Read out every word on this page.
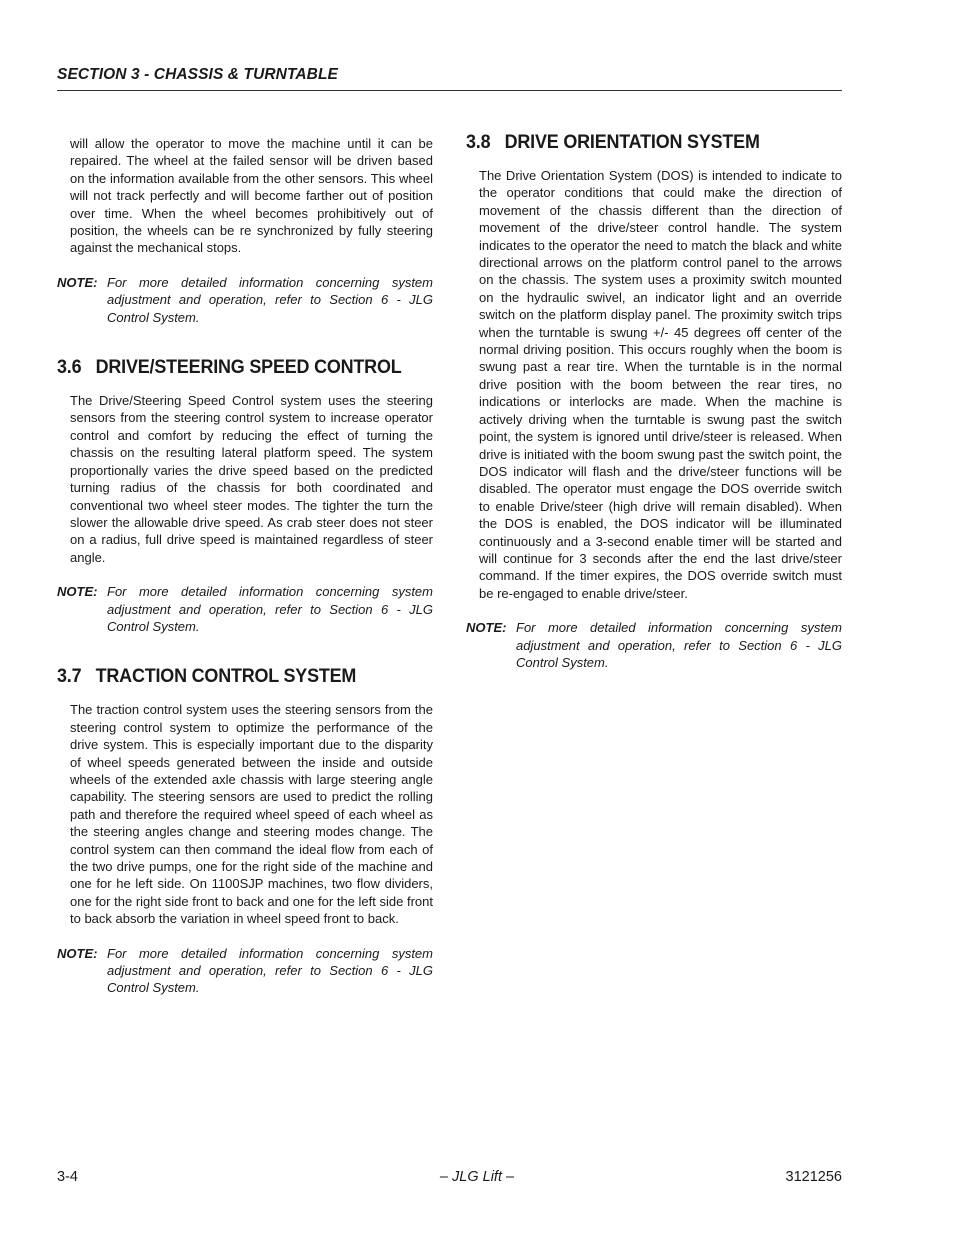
SECTION 3 - CHASSIS & TURNTABLE

will allow the operator to move the machine until it can be repaired. The wheel at the failed sensor will be driven based on the information available from the other sensors. This wheel will not track perfectly and will become farther out of position over time. When the wheel becomes prohibitively out of position, the wheels can be re synchronized by fully steering against the mechanical stops.

NOTE: For more detailed information concerning system adjustment and operation, refer to Section 6 - JLG Control System.
3.6 DRIVE/STEERING SPEED CONTROL

The Drive/Steering Speed Control system uses the steering sensors from the steering control system to increase operator control and comfort by reducing the effect of turning the chassis on the resulting lateral platform speed. The system proportionally varies the drive speed based on the predicted turning radius of the chassis for both coordinated and conventional two wheel steer modes. The tighter the turn the slower the allowable drive speed. As crab steer does not steer on a radius, full drive speed is maintained regardless of steer angle.

NOTE: For more detailed information concerning system adjustment and operation, refer to Section 6 - JLG Control System.
3.7 TRACTION CONTROL SYSTEM

The traction control system uses the steering sensors from the steering control system to optimize the performance of the drive system. This is especially important due to the disparity of wheel speeds generated between the inside and outside wheels of the extended axle chassis with large steering angle capability. The steering sensors are used to predict the rolling path and therefore the required wheel speed of each wheel as the steering angles change and steering modes change. The control system can then command the ideal flow from each of the two drive pumps, one for the right side of the machine and one for he left side. On 1100SJP machines, two flow dividers, one for the right side front to back and one for the left side front to back absorb the variation in wheel speed front to back.

NOTE: For more detailed information concerning system adjustment and operation, refer to Section 6 - JLG Control System.
3.8 DRIVE ORIENTATION SYSTEM

The Drive Orientation System (DOS) is intended to indicate to the operator conditions that could make the direction of movement of the chassis different than the direction of movement of the drive/steer control handle. The system indicates to the operator the need to match the black and white directional arrows on the platform control panel to the arrows on the chassis. The system uses a proximity switch mounted on the hydraulic swivel, an indicator light and an override switch on the platform display panel. The proximity switch trips when the turntable is swung +/- 45 degrees off center of the normal driving position. This occurs roughly when the boom is swung past a rear tire. When the turntable is in the normal drive position with the boom between the rear tires, no indications or interlocks are made. When the machine is actively driving when the turntable is swung past the switch point, the system is ignored until drive/steer is released. When drive is initiated with the boom swung past the switch point, the DOS indicator will flash and the drive/steer functions will be disabled. The operator must engage the DOS override switch to enable Drive/steer (high drive will remain disabled). When the DOS is enabled, the DOS indicator will be illuminated continuously and a 3-second enable timer will be started and will continue for 3 seconds after the end the last drive/steer command. If the timer expires, the DOS override switch must be re-engaged to enable drive/steer.

NOTE: For more detailed information concerning system adjustment and operation, refer to Section 6 - JLG Control System.
3-4	– JLG Lift –	3121256
